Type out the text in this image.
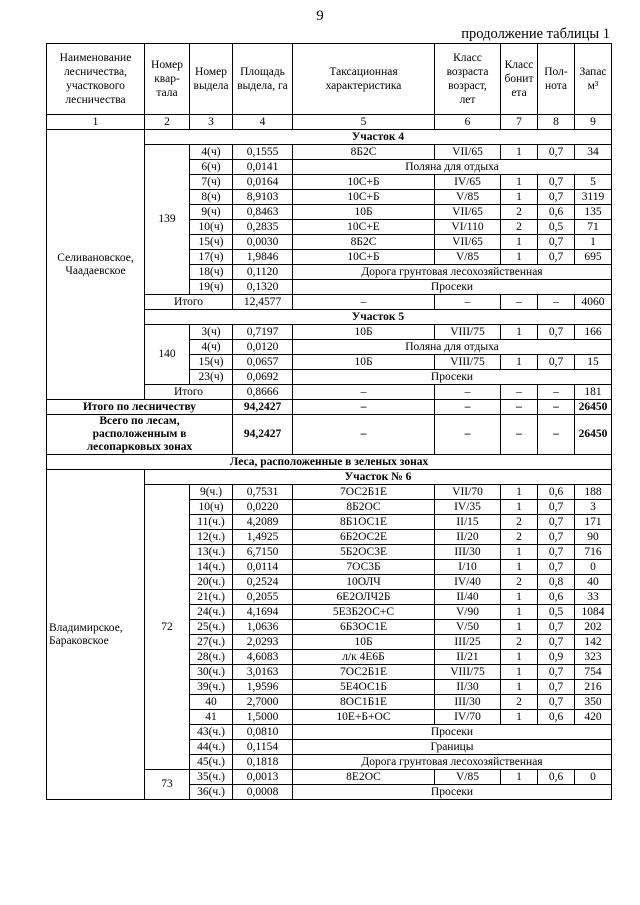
9
продолжение таблицы 1
Наименование
лесничества,
участкового
лесничества	Номер
квар-
тала	Номер
выдела	Площадь
выдела, га	Таксационная
характеристика	Класс
возраста
возраст,
лет	Класс
бонит
ета	Пол-
нота	Запас
м³

1	2	3	4	5	6	7	8	9

Селивановское,
Чаадаевское	Участок 4							
	139	4(ч)	0,1555	8Б2С	VII/65	1	0,7	34
		6(ч)	0,0141	Поляна для отдыха				
		7(ч)	0,0164	10С+Б	IV/65	1	0,7	5
		8(ч)	8,9103	10С+Б	V/85	1	0,7	3119
		9(ч)	0,8463	10Б	VII/65	2	0,6	135
		10(ч)	0,2835	10С+Е	VI/110	2	0,5	71
		15(ч)	0,0030	8Б2С	VII/65	1	0,7	1
		17(ч)	1,9846	10С+Б	V/85	1	0,7	695
		18(ч)	0,1120	Дорога грунтовая лесохозяйственная				
		19(ч)	0,1320	Просеки				
	Итого		12,4577	–	–	–	–	4060
	Участок 5							
	140	3(ч)	0,7197	10Б	VIII/75	1	0,7	166
		4(ч)	0,0120	Поляна для отдыха				
		15(ч)	0,0657	10Б	VIII/75	1	0,7	15
		23(ч)	0,0692	Просеки				
	Итого		0,8666	–	–	–	–	181
Итого по лесничеству			94,2427	–	–	–	–	26450

Всего по лесам,
расположенным в
лесопарковых зонах			94,2427	–	–	–	–	26450
Леса, расположенные в зеленых зонах								

Владимирское,
Бараковское	Участок № 6							
	72	9(ч.)	0,7531	7ОС2Б1Е	VII/70	1	0,6	188
		10(ч)	0,0220	8Б2ОС	IV/35	1	0,7	3
		11(ч.)	4,2089	8Б1ОС1Е	II/15	2	0,7	171
		12(ч.)	1,4925	6Б2ОС2Е	II/20	2	0,7	90
		13(ч.)	6,7150	5Б2ОС3Е	III/30	1	0,7	716
		14(ч.)	0,0114	7ОС3Б	I/10	1	0,7	0
		20(ч.)	0,2524	10ОЛЧ	IV/40	2	0,8	40
		21(ч.)	0,2055	6Е2ОЛЧ2Б	II/40	1	0,6	33
		24(ч.)	4,1694	5Е3Б2ОС+С	V/90	1	0,5	1084
		25(ч.)	1,0636	6Б3ОС1Е	V/50	1	0,7	202
		27(ч.)	2,0293	10Б	III/25	2	0,7	142
		28(ч.)	4,6083	л/к 4Е6Б	II/21	1	0,9	323
		30(ч.)	3,0163	7ОС2Б1Е	VIII/75	1	0,7	754
		39(ч.)	1,9596	5Е4ОС1Б	II/30	1	0,7	216
		40	2,7000	8ОС1Б1Е	III/30	2	0,7	350
		41	1,5000	10Е+Б+ОС	IV/70	1	0,6	420
		43(ч.)	0,0810	Просеки				
		44(ч.)	0,1154	Границы				
		45(ч.)	0,1818	Дорога грунтовая лесохозяйственная				
	73	35(ч.)	0,0013	8Е2ОС	V/85	1	0,6	0
		36(ч.)	0,0008	Просеки				
